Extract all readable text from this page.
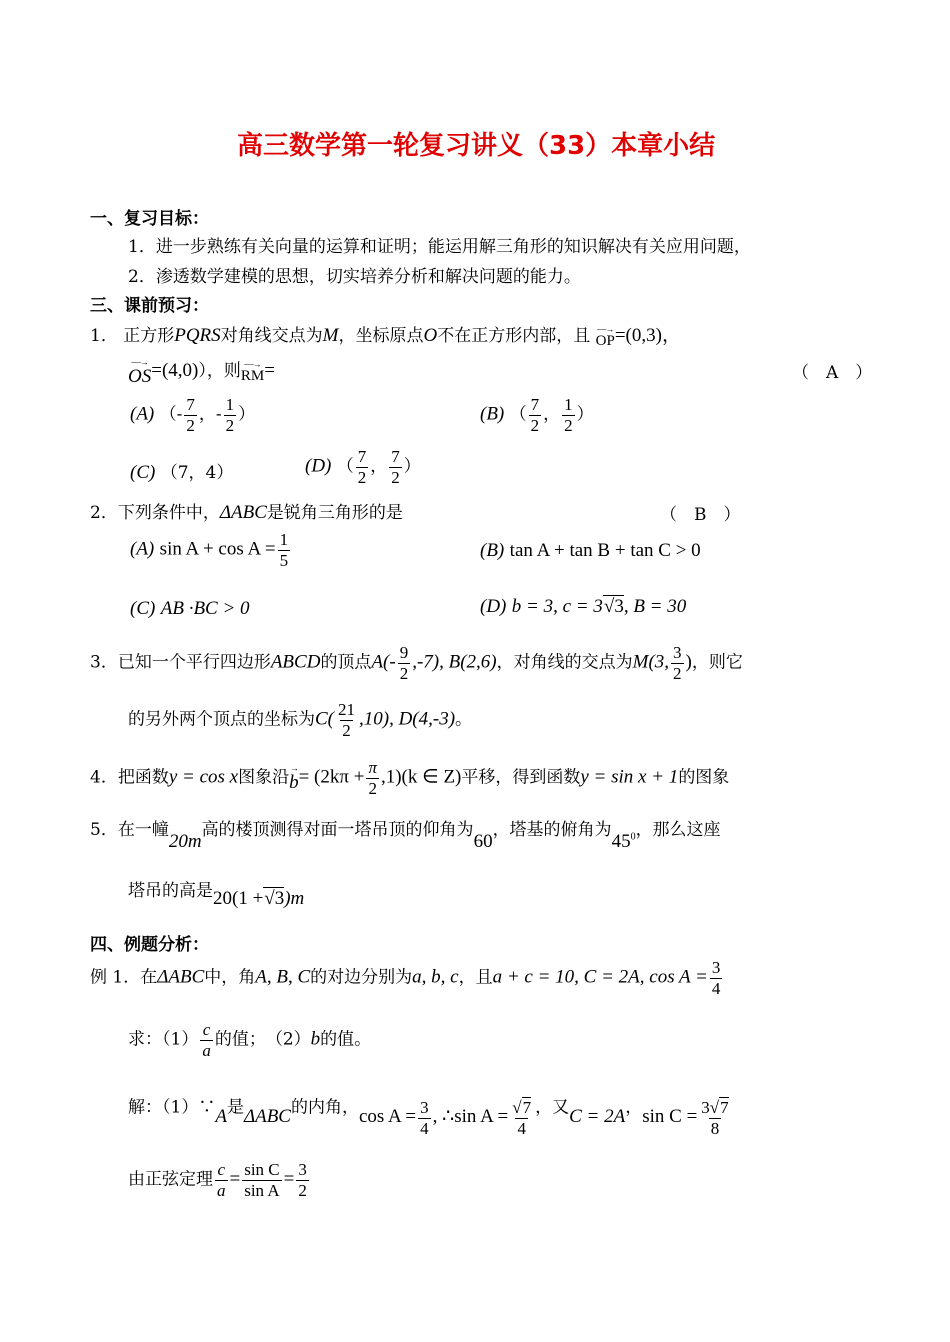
高三数学第一轮复习讲义（33）本章小结
一、复习目标：
1．进一步熟练有关向量的运算和证明；能运用解三角形的知识解决有关应用问题，
2．渗透数学建模的思想，切实培养分析和解决问题的能力。
三、课前预习：
1． 正方形PQRS对角线交点为M，坐标原点O不在正方形内部，且 ‒ ‒→
OP =(0,3)，
‒ ‒→
OS =(4,0)），则 ‒ ‒→
RM =	（　A　）
(A) （- $\frac{7}{2}$ ，- $\frac{1}{2}$ ）	(B) （ $\frac{7}{2}$ ， $\frac{1}{2}$ ）
(C) （7，4）	(D) （ $\frac{7}{2}$ ， $\frac{7}{2}$ ）
2．下列条件中，ΔABC是锐角三角形的是	（　B　）
(A) $\sin A + \cos A = \frac{1}{5}$	(B) tan A + tan B + tan C > 0
(C) AB ·BC > 0	(D) b = 3, c = 3√3, B = 30
3．已知一个平行四边形ABCD的顶点$A(- \frac{9}{2} ,-7)$, B(2,6)，对角线的交点为M(3, $\frac{3}{2}$ )，则它
的另外两个顶点的坐标为$C( \frac{21}{2} ,10)$, D(4,-3)。
4．把函数y = cos x图象沿 →
$b = (2k\pi + \frac{\pi}{2} ,1)(k$ ∈ Z)平移，得到函数y = sin x + 1的图象
5．在一幢20m高的楼顶测得对面一塔吊顶的仰角为60，塔基的俯角为$45^0$，那么这座
塔吊的高是20(1 +√3)m
四、例题分析：
例 1．在ΔABC中，角A, B, C的对边分别为a, b, c，且a + c = 10, C = 2A, $\cos A = \frac{3}{4}$
求：$(1) \frac{c}{a}$ 的值；　（2）b的值。
解：（1）∵A是ΔABC的内角，$\cos A = \frac{3}{4}$ , ∴sin $A = \frac{√7}{4}$ ，又C = 2A，$\sin C = \frac{3√7}{8}$
由正弦定理 $\frac{c}{a} = \frac{\text{sin C}}{\text{sin A}} = \frac{3}{2}$
